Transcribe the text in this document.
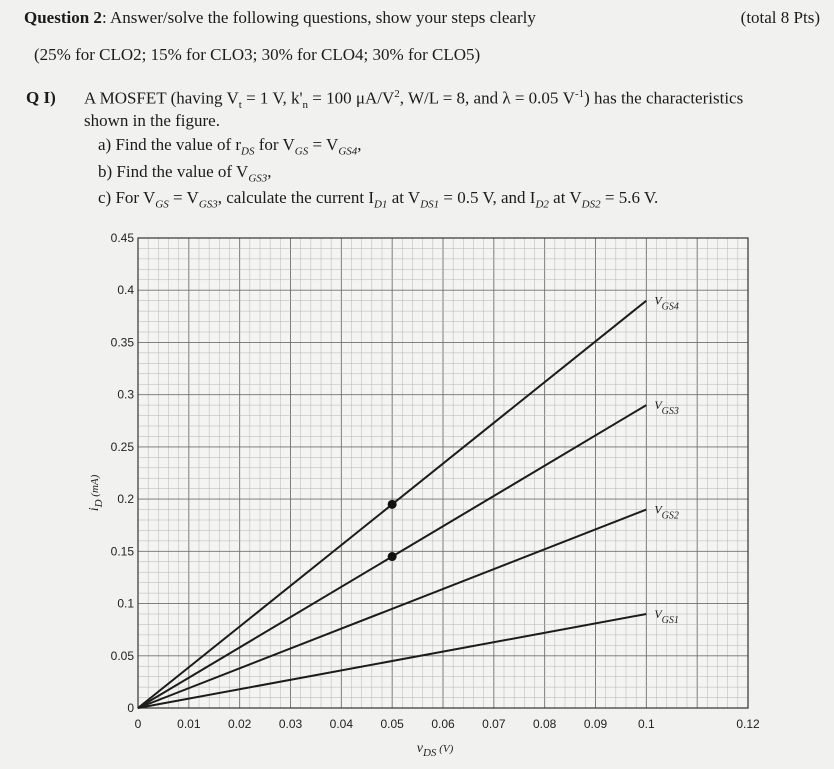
Question 2: Answer/solve the following questions, show your steps clearly	(total 8 Pts)
(25% for CLO2; 15% for CLO3; 30% for CLO4; 30% for CLO5)
Q I) A MOSFET (having $V_t = 1$ V, $k'_n = 100$ $\mu A/V^2$, W/L = 8, and λ = 0.05 $V^{-1}$) has the characteristics
shown in the figure.
a) Find the value of $r_{DS}$ for $V_{GS} = V_{GS4}$,
b) Find the value of $V_{GS3}$,
c) For $V_{GS} = V_{GS3}$, calculate the current $I_{D1}$ at $V_{DS1} = 0.5$ V, and $I_{D2}$ at $V_{DS2} = 5.6$ V.
0
0.05
0.1
0.15
0.2
0.25
0.3
0.35
0.4
0.45
0	0.01 0.02 0.03 0.04 0.05 0.06 0.07 0.08 0.09	0.1	0.12
$V_{GS4}$
$V_{GS3}$
$V_{GS2}$
$V_{GS1}$
$i_D$ $^{(mA)}$
$v_{DS}$ $^{(V)}$
